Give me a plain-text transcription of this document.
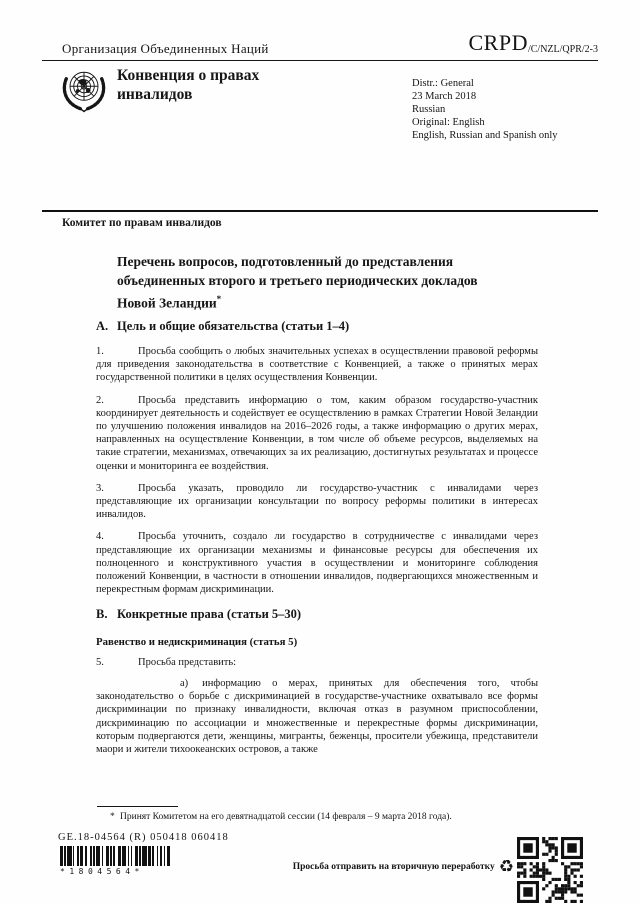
Организация Объединенных Наций	CRPD /C/NZL/QPR/2-3
Конвенция о правах инвалидов
Distr.: General
23 March 2018
Russian
Original: English
English, Russian and Spanish only
Комитет по правам инвалидов
Перечень вопросов, подготовленный до представления объединенных второго и третьего периодических докладов Новой Зеландии*
A. Цель и общие обязательства (статьи 1–4)

1.	Просьба сообщить о любых значительных успехах в осуществлении правовой реформы для приведения законодательства в соответствие с Конвенцией, а также о принятых мерах государственной политики в целях осуществления Конвенции.

2.	Просьба представить информацию о том, каким образом государство-участник координирует деятельность и содействует ее осуществлению в рамках Стратегии Новой Зеландии по улучшению положения инвалидов на 2016–2026 годы, а также информацию о других мерах, направленных на осуществление Конвенции, в том числе об объеме ресурсов, выделяемых на такие стратегии, механизмах, отвечающих за их реализацию, достигнутых результатах и процессе оценки и мониторинга ее воздействия.

3.	Просьба указать, проводило ли государство-участник с инвалидами через представляющие их организации консультации по вопросу реформы политики в интересах инвалидов.

4.	Просьба уточнить, создало ли государство в сотрудничестве с инвалидами через представляющие их организации механизмы и финансовые ресурсы для обеспечения их полноценного и конструктивного участия в осуществлении и мониторинге соблюдения положений Конвенции, в частности в отношении инвалидов, подвергающихся множественным и перекрестным формам дискриминации.

B. Конкретные права (статьи 5–30)
Равенство и недискриминация (статья 5)

5.	Просьба представить:

а) информацию о мерах, принятых для обеспечения того, чтобы законодательство о борьбе с дискриминацией в государстве-участнике охватывало все формы дискриминации по признаку инвалидности, включая отказ в разумном приспособлении, дискриминацию по ассоциации и множественные и перекрестные формы дискриминации, которым подвергаются дети, женщины, мигранты, беженцы, просители убежища, представители маори и жители тихоокеанских островов, а также

* Принят Комитетом на его девятнадцатой сессии (14 февраля – 9 марта 2018 года).
GE.18-04564 (R) 050418 060418
*1804564*	Просьба отправить на вторичную переработку ♻
